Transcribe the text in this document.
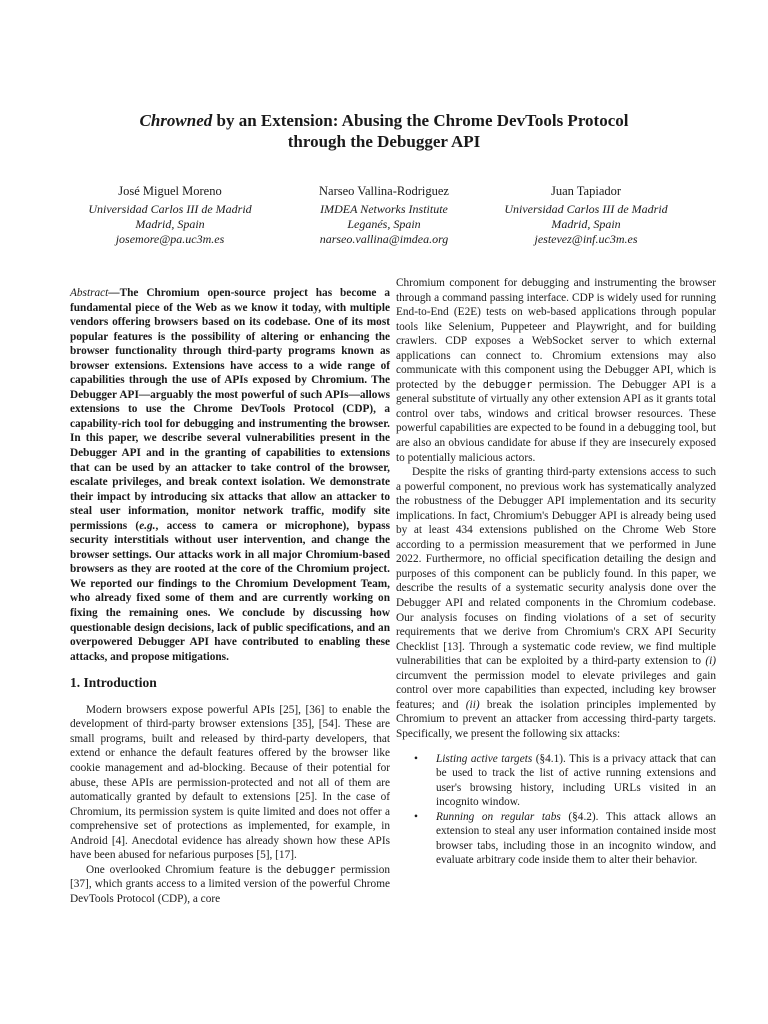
Chrowned by an Extension: Abusing the Chrome DevTools Protocol
through the Debugger API
José Miguel Moreno
Universidad Carlos III de Madrid
Madrid, Spain
josemore@pa.uc3m.es
Narseo Vallina-Rodriguez
IMDEA Networks Institute
Leganés, Spain
narseo.vallina@imdea.org
Juan Tapiador
Universidad Carlos III de Madrid
Madrid, Spain
jestevez@inf.uc3m.es

Abstract—The Chromium open-source project has become a fundamental piece of the Web as we know it today, with multiple vendors offering browsers based on its codebase. One of its most popular features is the possibility of altering or enhancing the browser functionality through third-party programs known as browser extensions. Extensions have access to a wide range of capabilities through the use of APIs exposed by Chromium. The Debugger API—arguably the most powerful of such APIs—allows extensions to use the Chrome DevTools Protocol (CDP), a capability-rich tool for debugging and instrumenting the browser. In this paper, we describe several vulnerabilities present in the Debugger API and in the granting of capabilities to extensions that can be used by an attacker to take control of the browser, escalate privileges, and break context isolation. We demonstrate their impact by introducing six attacks that allow an attacker to steal user information, monitor network traffic, modify site permissions (e.g., access to camera or microphone), bypass security interstitials without user intervention, and change the browser settings. Our attacks work in all major Chromium-based browsers as they are rooted at the core of the Chromium project. We reported our findings to the Chromium Development Team, who already fixed some of them and are currently working on fixing the remaining ones. We conclude by discussing how questionable design decisions, lack of public specifications, and an overpowered Debugger API have contributed to enabling these attacks, and propose mitigations.

1. Introduction

Modern browsers expose powerful APIs [25], [36] to enable the development of third-party browser extensions [35], [54]. These are small programs, built and released by third-party developers, that extend or enhance the default features offered by the browser like cookie management and ad-blocking. Because of their potential for abuse, these APIs are permission-protected and not all of them are automatically granted by default to extensions [25]. In the case of Chromium, its permission system is quite limited and does not offer a comprehensive set of protections as implemented, for example, in Android [4]. Anecdotal evidence has already shown how these APIs have been abused for nefarious purposes [5], [17].

One overlooked Chromium feature is the debugger permission [37], which grants access to a limited version of the powerful Chrome DevTools Protocol (CDP), a core

Chromium component for debugging and instrumenting the browser through a command passing interface. CDP is widely used for running End-to-End (E2E) tests on web-based applications through popular tools like Selenium, Puppeteer and Playwright, and for building crawlers. CDP exposes a WebSocket server to which external applications can connect to. Chromium extensions may also communicate with this component using the Debugger API, which is protected by the debugger permission. The Debugger API is a general substitute of virtually any other extension API as it grants total control over tabs, windows and critical browser resources. These powerful capabilities are expected to be found in a debugging tool, but are also an obvious candidate for abuse if they are insecurely exposed to potentially malicious actors.

Despite the risks of granting third-party extensions access to such a powerful component, no previous work has systematically analyzed the robustness of the Debugger API implementation and its security implications. In fact, Chromium's Debugger API is already being used by at least 434 extensions published on the Chrome Web Store according to a permission measurement that we performed in June 2022. Furthermore, no official specification detailing the design and purposes of this component can be publicly found. In this paper, we describe the results of a systematic security analysis done over the Debugger API and related components in the Chromium codebase. Our analysis focuses on finding violations of a set of security requirements that we derive from Chromium's CRX API Security Checklist [13]. Through a systematic code review, we find multiple vulnerabilities that can be exploited by a third-party extension to (i) circumvent the permission model to elevate privileges and gain control over more capabilities than expected, including key browser features; and (ii) break the isolation principles implemented by Chromium to prevent an attacker from accessing third-party targets. Specifically, we present the following six attacks:

• Listing active targets (§4.1). This is a privacy attack that can be used to track the list of active running extensions and user's browsing history, including URLs visited in an incognito window.
• Running on regular tabs (§4.2). This attack allows an extension to steal any user information contained inside most browser tabs, including those in an incognito window, and evaluate arbitrary code inside them to alter their behavior.
